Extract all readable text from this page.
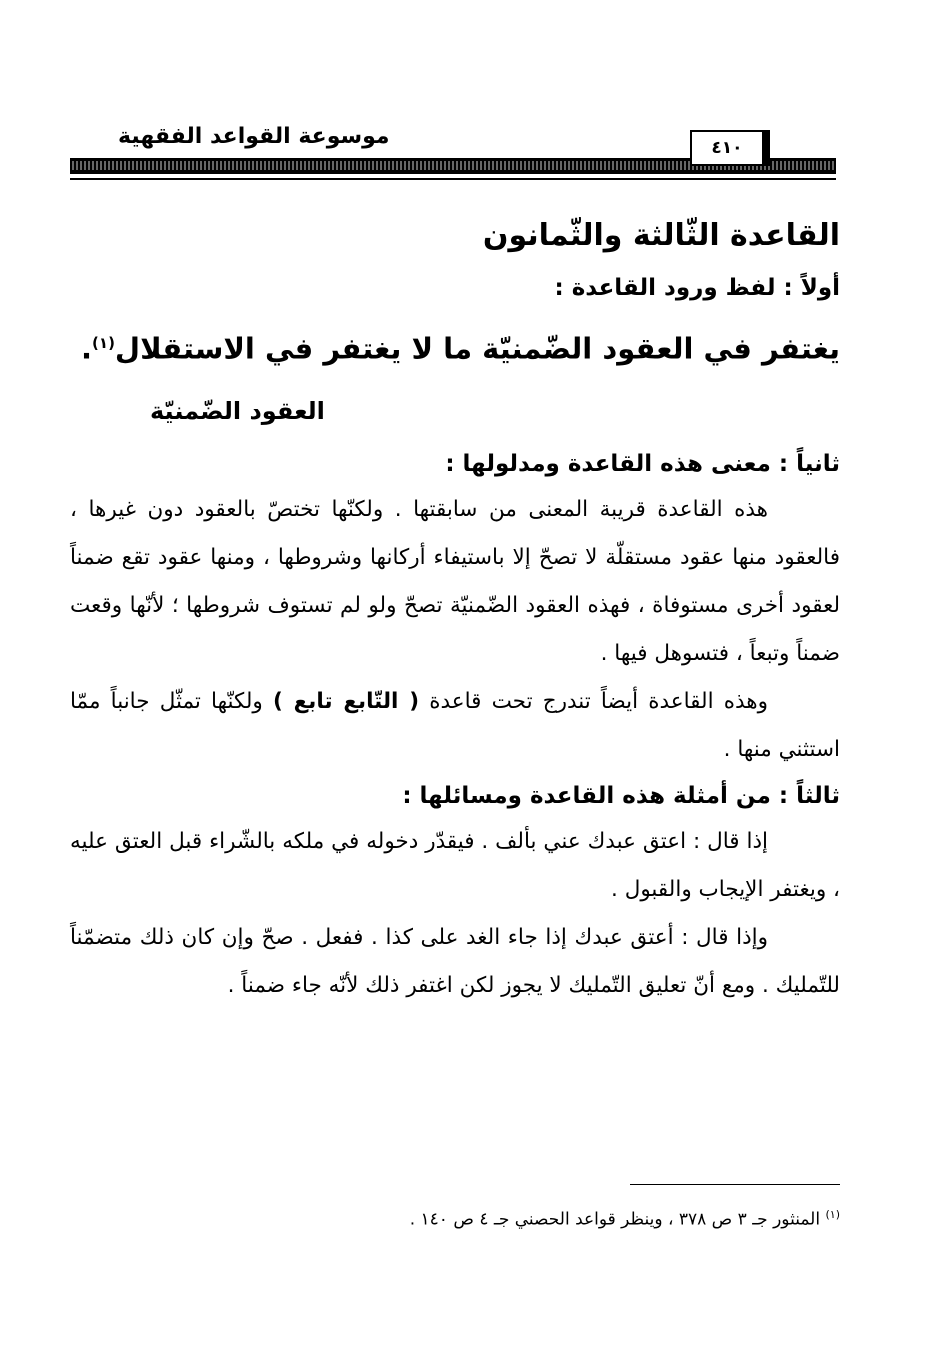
موسوعة القواعد الفقهية	٤١٠
القاعدة الثّالثة والثّمانون

أولاً : لفظ ورود القاعدة :

يغتفر في العقود الضّمنيّة ما لا يغتفر في الاستقلال$^{(١)}$.

العقود الضّمنيّة

ثانياً : معنى هذه القاعدة ومدلولها :

هذه القاعدة قريبة المعنى من سابقتها . ولكنّها تختصّ بالعقود دون غيرها ، فالعقود منها عقود مستقلّة لا تصحّ إلا باستيفاء أركانها وشروطها ، ومنها عقود تقع ضمناً لعقود أخرى مستوفاة ، فهذه العقود الضّمنيّة تصحّ ولو لم تستوف شروطها ؛ لأنّها وقعت ضمناً وتبعاً ، فتسوهل فيها .

وهذه القاعدة أيضاً تندرج تحت قاعدة ( التّابع تابع ) ولكنّها تمثّل جانباً ممّا استثني منها .

ثالثاً : من أمثلة هذه القاعدة ومسائلها :

إذا قال : اعتق عبدك عني بألف . فيقدّر دخوله في ملكه بالشّراء قبل العتق عليه ، ويغتفر الإيجاب والقبول .

وإذا قال : أعتق عبدك إذا جاء الغد على كذا . ففعل . صحّ وإن كان ذلك متضمّناً للتّمليك . ومع أنّ تعليق التّمليك لا يجوز لكن اغتفر ذلك لأنّه جاء ضمناً .

$^{(١)}$ المنثور جـ ٣ ص ٣٧٨ ، وينظر قواعد الحصني جـ ٤ ص ١٤٠ .
